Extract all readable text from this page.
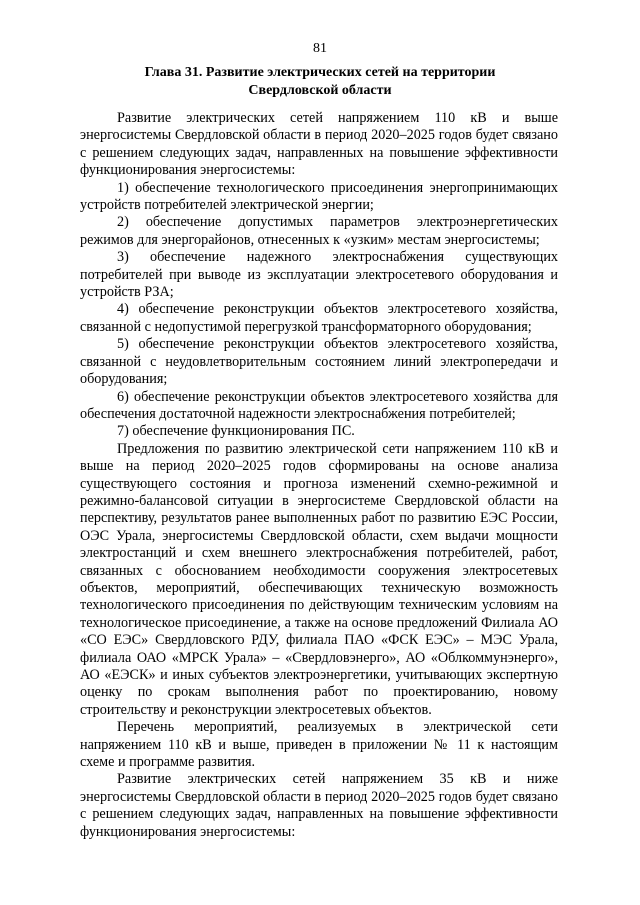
81
Глава 31. Развитие электрических сетей на территории Свердловской области

Развитие электрических сетей напряжением 110 кВ и выше энергосистемы Свердловской области в период 2020–2025 годов будет связано с решением следующих задач, направленных на повышение эффективности функционирования энергосистемы:

1) обеспечение технологического присоединения энергопринимающих устройств потребителей электрической энергии;

2) обеспечение допустимых параметров электроэнергетических режимов для энергорайонов, отнесенных к «узким» местам энергосистемы;

3) обеспечение надежного электроснабжения существующих потребителей при выводе из эксплуатации электросетевого оборудования и устройств РЗА;

4) обеспечение реконструкции объектов электросетевого хозяйства, связанной с недопустимой перегрузкой трансформаторного оборудования;

5) обеспечение реконструкции объектов электросетевого хозяйства, связанной с неудовлетворительным состоянием линий электропередачи и оборудования;

6) обеспечение реконструкции объектов электросетевого хозяйства для обеспечения достаточной надежности электроснабжения потребителей;

7) обеспечение функционирования ПС.

Предложения по развитию электрической сети напряжением 110 кВ и выше на период 2020–2025 годов сформированы на основе анализа существующего состояния и прогноза изменений схемно-режимной и режимно-балансовой ситуации в энергосистеме Свердловской области на перспективу, результатов ранее выполненных работ по развитию ЕЭС России, ОЭС Урала, энергосистемы Свердловской области, схем выдачи мощности электростанций и схем внешнего электроснабжения потребителей, работ, связанных с обоснованием необходимости сооружения электросетевых объектов, мероприятий, обеспечивающих техническую возможность технологического присоединения по действующим техническим условиям на технологическое присоединение, а также на основе предложений Филиала АО «СО ЕЭС» Свердловского РДУ, филиала ПАО «ФСК ЕЭС» – МЭС Урала, филиала ОАО «МРСК Урала» – «Свердловэнерго», АО «Облкоммунэнерго», АО «ЕЭСК» и иных субъектов электроэнергетики, учитывающих экспертную оценку по срокам выполнения работ по проектированию, новому строительству и реконструкции электросетевых объектов.

Перечень мероприятий, реализуемых в электрической сети напряжением 110 кВ и выше, приведен в приложении № 11 к настоящим схеме и программе развития.

Развитие электрических сетей напряжением 35 кВ и ниже энергосистемы Свердловской области в период 2020–2025 годов будет связано с решением следующих задач, направленных на повышение эффективности функционирования энергосистемы:
